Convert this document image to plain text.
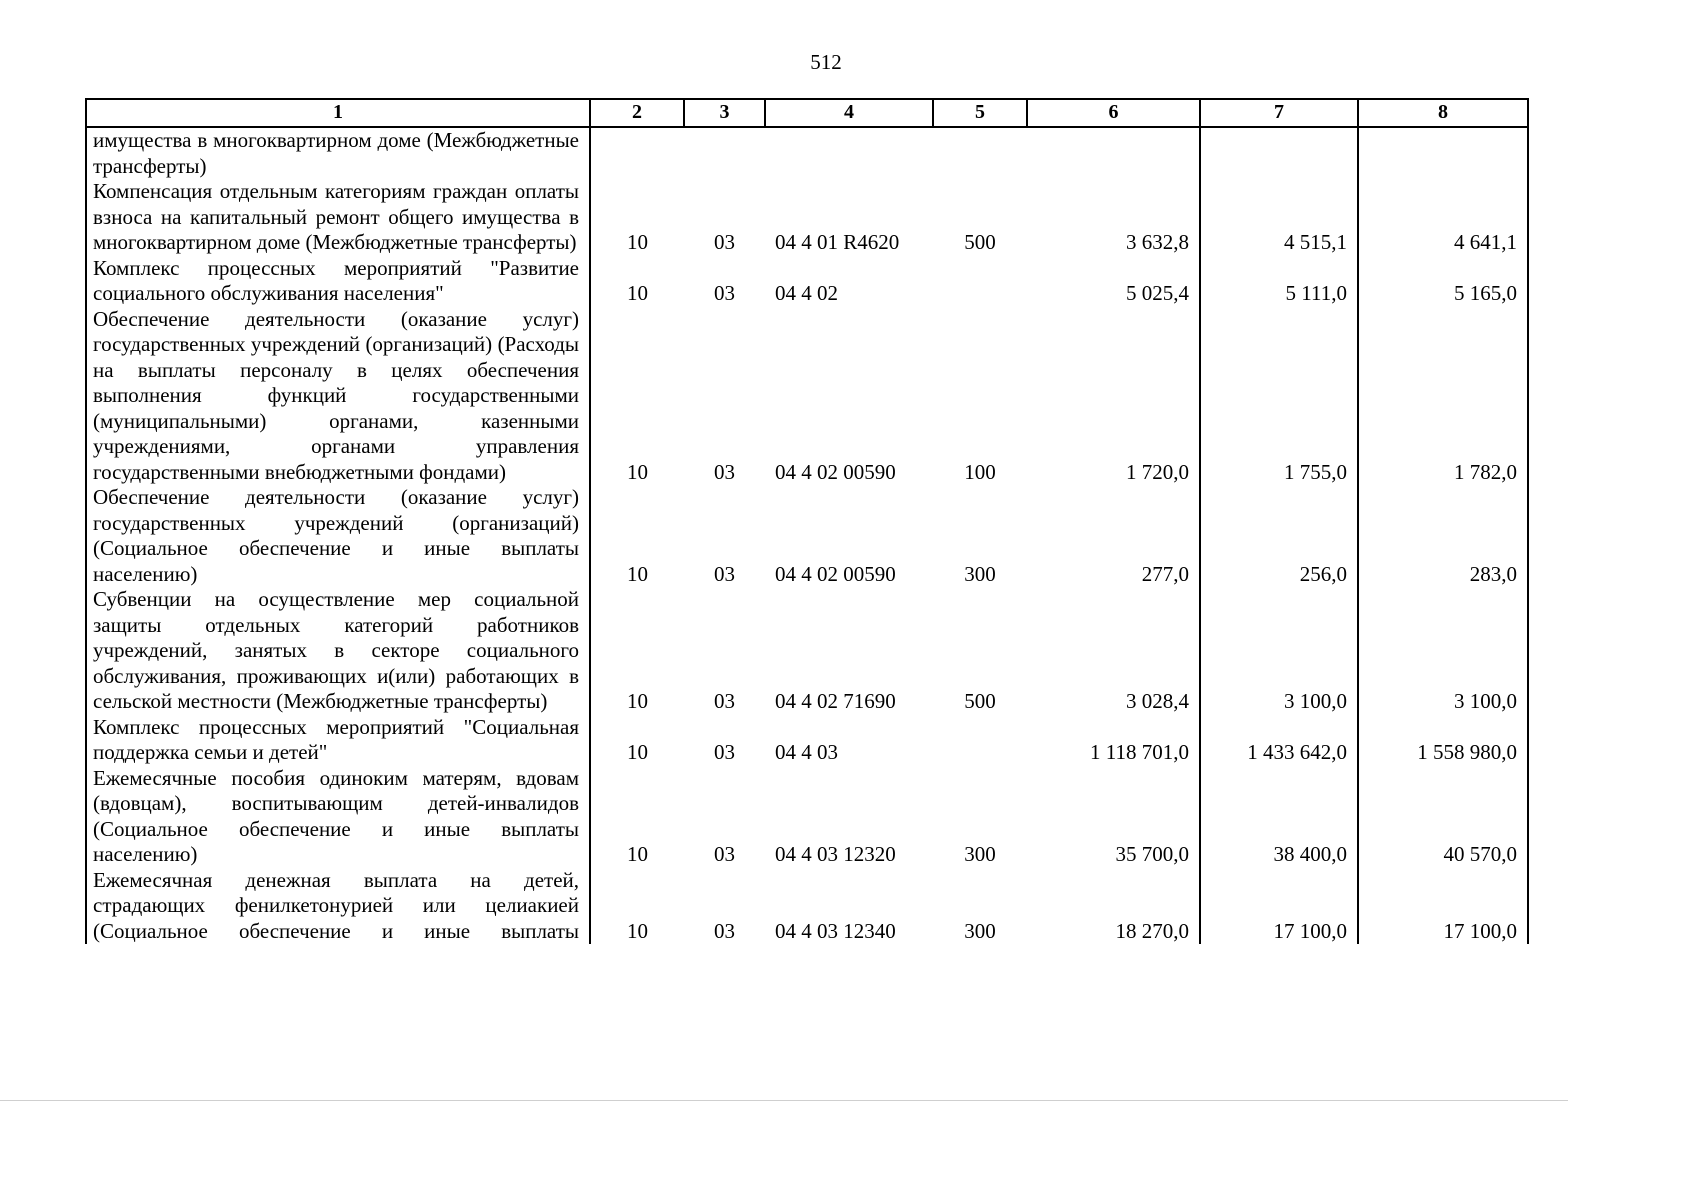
512
1	2	3	4	5	6	7	8
имущества в многоквартирном доме (Межбюджетные трансферты)							
Компенсация отдельным категориям граждан оплаты взноса на капитальный ремонт общего имущества в многоквартирном доме (Межбюджетные трансферты)	10	03	04 4 01 R4620	500	3 632,8	4 515,1	4 641,1
Комплекс процессных мероприятий "Развитие социального обслуживания населения"	10	03	04 4 02		5 025,4	5 111,0	5 165,0
Обеспечение деятельности (оказание услуг) государственных учреждений (организаций) (Расходы на выплаты персоналу в целях обеспечения выполнения функций государственными (муниципальными) органами, казенными учреждениями, органами управления государственными внебюджетными фондами)	10	03	04 4 02 00590	100	1 720,0	1 755,0	1 782,0
Обеспечение деятельности (оказание услуг) государственных учреждений (организаций) (Социальное обеспечение и иные выплаты населению)	10	03	04 4 02 00590	300	277,0	256,0	283,0
Субвенции на осуществление мер социальной защиты отдельных категорий работников учреждений, занятых в секторе социального обслуживания, проживающих и(или) работающих в сельской местности (Межбюджетные трансферты)	10	03	04 4 02 71690	500	3 028,4	3 100,0	3 100,0
Комплекс процессных мероприятий "Социальная поддержка семьи и детей"	10	03	04 4 03		1 118 701,0	1 433 642,0	1 558 980,0
Ежемесячные пособия одиноким матерям, вдовам (вдовцам), воспитывающим детей-инвалидов (Социальное обеспечение и иные выплаты населению)	10	03	04 4 03 12320	300	35 700,0	38 400,0	40 570,0
Ежемесячная денежная выплата на детей, страдающих фенилкетонурией или целиакией (Социальное обеспечение и иные выплаты	10	03	04 4 03 12340	300	18 270,0	17 100,0	17 100,0
